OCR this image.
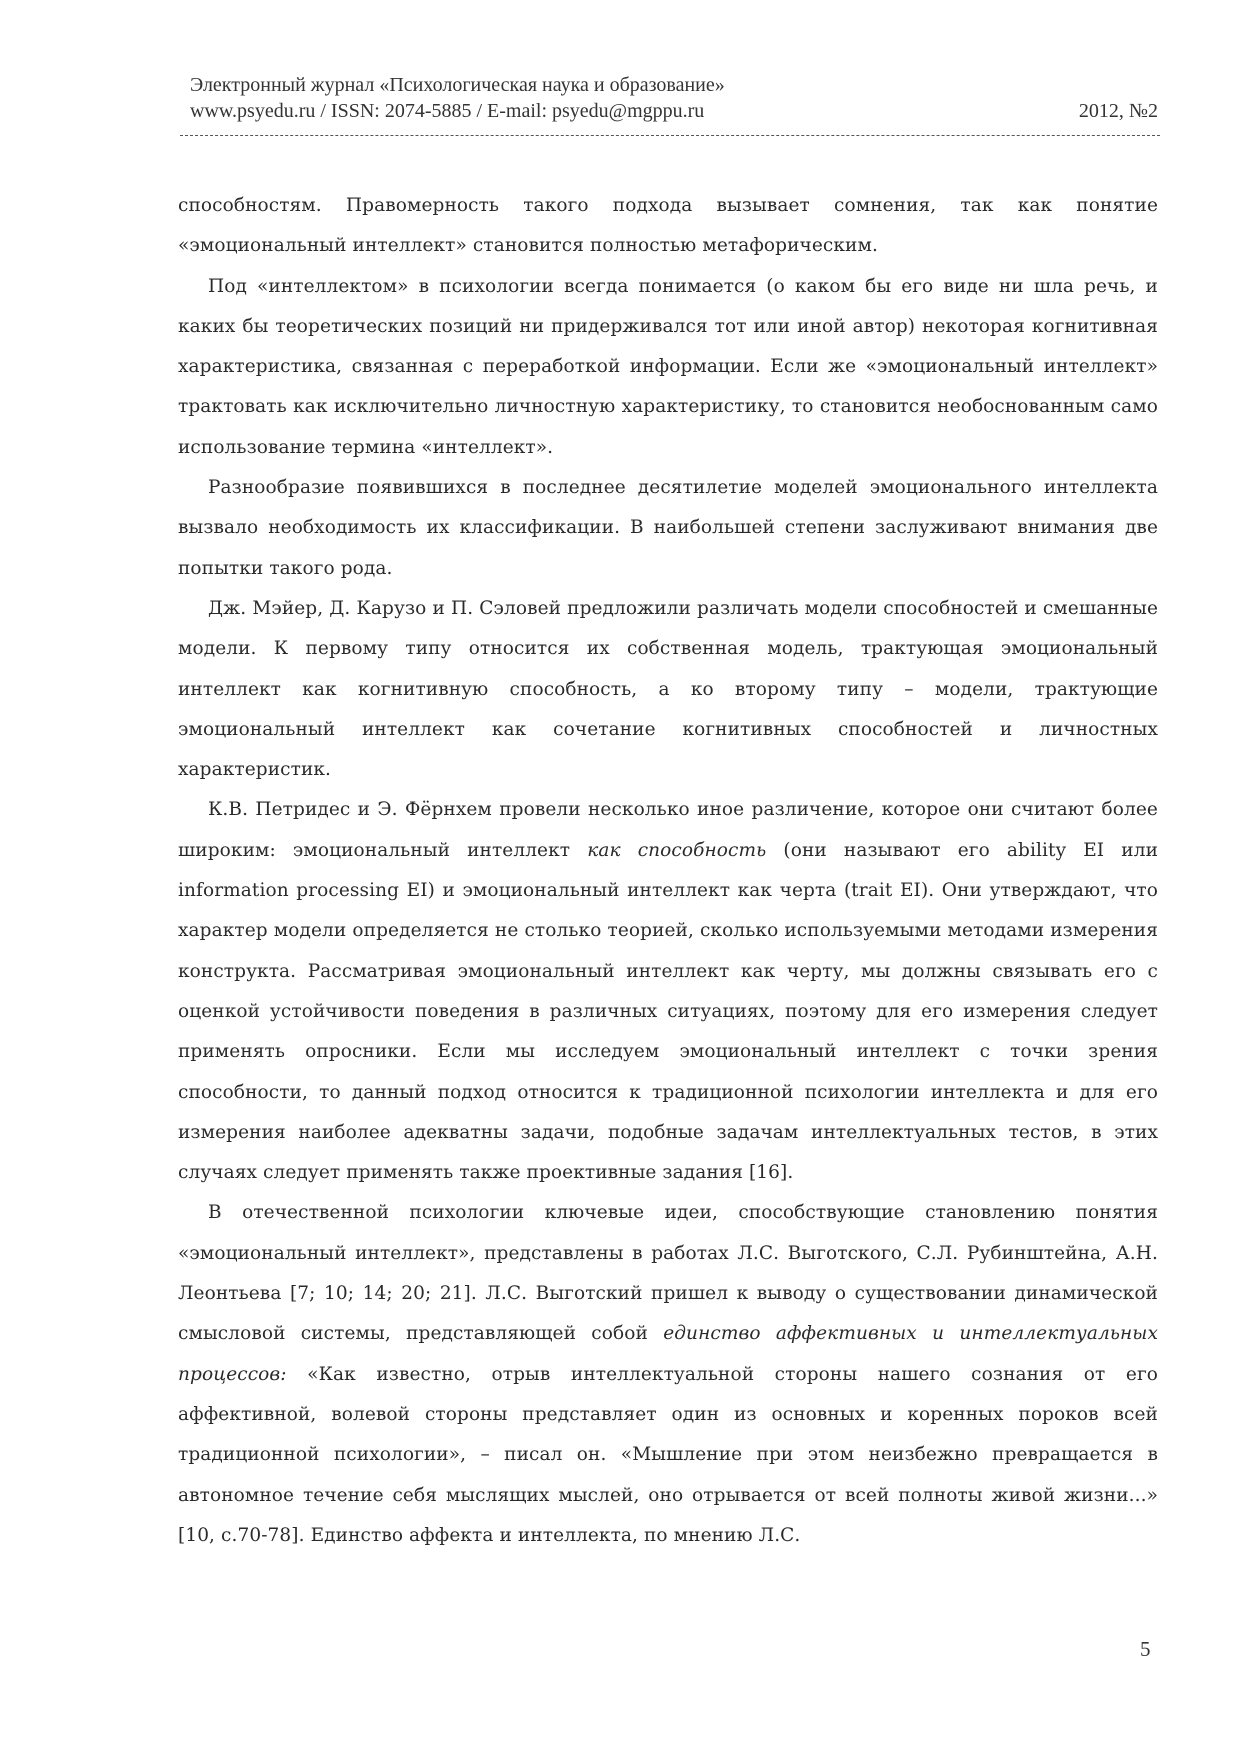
Электронный журнал «Психологическая наука и образование»
www.psyedu.ru / ISSN: 2074-5885 / E-mail: psyedu@mgppu.ru	2012, №2

способностям. Правомерность такого подхода вызывает сомнения, так как понятие «эмоциональный интеллект» становится полностью метафорическим.

Под «интеллектом» в психологии всегда понимается (о каком бы его виде ни шла речь, и каких бы теоретических позиций ни придерживался тот или иной автор) некоторая когнитивная характеристика, связанная с переработкой информации. Если же «эмоциональный интеллект» трактовать как исключительно личностную характеристику, то становится необоснованным само использование термина «интеллект».

Разнообразие появившихся в последнее десятилетие моделей эмоционального интеллекта вызвало необходимость их классификации. В наибольшей степени заслуживают внимания две попытки такого рода.

Дж. Мэйер, Д. Карузо и П. Сэловей предложили различать модели способностей и смешанные модели. К первому типу относится их собственная модель, трактующая эмоциональный интеллект как когнитивную способность, а ко второму типу – модели, трактующие эмоциональный интеллект как сочетание когнитивных способностей и личностных характеристик.

К.В. Петридес и Э. Фёрнхем провели несколько иное различение, которое они считают более широким: эмоциональный интеллект как способность (они называют его ability EI или information processing EI) и эмоциональный интеллект как черта (trait EI). Они утверждают, что характер модели определяется не столько теорией, сколько используемыми методами измерения конструкта. Рассматривая эмоциональный интеллект как черту, мы должны связывать его с оценкой устойчивости поведения в различных ситуациях, поэтому для его измерения следует применять опросники. Если мы исследуем эмоциональный интеллект с точки зрения способности, то данный подход относится к традиционной психологии интеллекта и для его измерения наиболее адекватны задачи, подобные задачам интеллектуальных тестов, в этих случаях следует применять также проективные задания [16].

В отечественной психологии ключевые идеи, способствующие становлению понятия «эмоциональный интеллект», представлены в работах Л.С. Выготского, С.Л. Рубинштейна, А.Н. Леонтьева [7; 10; 14; 20; 21]. Л.С. Выготский пришел к выводу о существовании динамической смысловой системы, представляющей собой единство аффективных и интеллектуальных процессов: «Как известно, отрыв интеллектуальной стороны нашего сознания от его аффективной, волевой стороны представляет один из основных и коренных пороков всей традиционной психологии», – писал он. «Мышление при этом неизбежно превращается в автономное течение себя мыслящих мыслей, оно отрывается от всей полноты живой жизни...» [10, с.70-78]. Единство аффекта и интеллекта, по мнению Л.С.

5
